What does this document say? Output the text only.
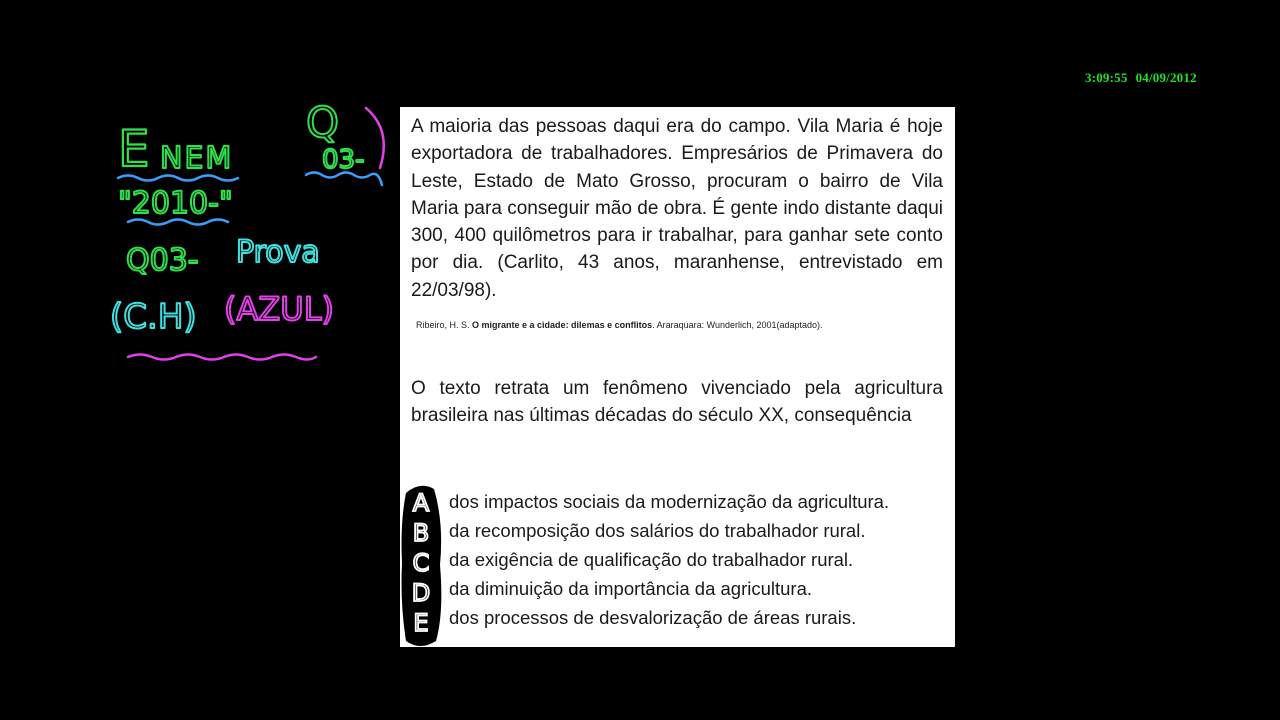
3:09:55 04/09/2012
E NEM
Q
03-
"2010-"
Q03- Prova
(C.H) (AZUL)

A maioria das pessoas daqui era do campo. Vila Maria é hoje exportadora de trabalhadores. Empresários de Primavera do Leste, Estado de Mato Grosso, procuram o bairro de Vila Maria para conseguir mão de obra. É gente indo distante daqui 300, 400 quilômetros para ir trabalhar, para ganhar sete conto por dia. (Carlito, 43 anos, maranhense, entrevistado em 22/03/98).

Ribeiro, H. S. O migrante e a cidade: dilemas e conflitos. Araraquara: Wunderlich, 2001(adaptado).

O texto retrata um fenômeno vivenciado pela agricultura brasileira nas últimas décadas do século XX, consequência

dos impactos sociais da modernização da agricultura.
da recomposição dos salários do trabalhador rural.
da exigência de qualificação do trabalhador rural.
da diminuição da importância da agricultura.
dos processos de desvalorização de áreas rurais.
A
B
C
D
E
